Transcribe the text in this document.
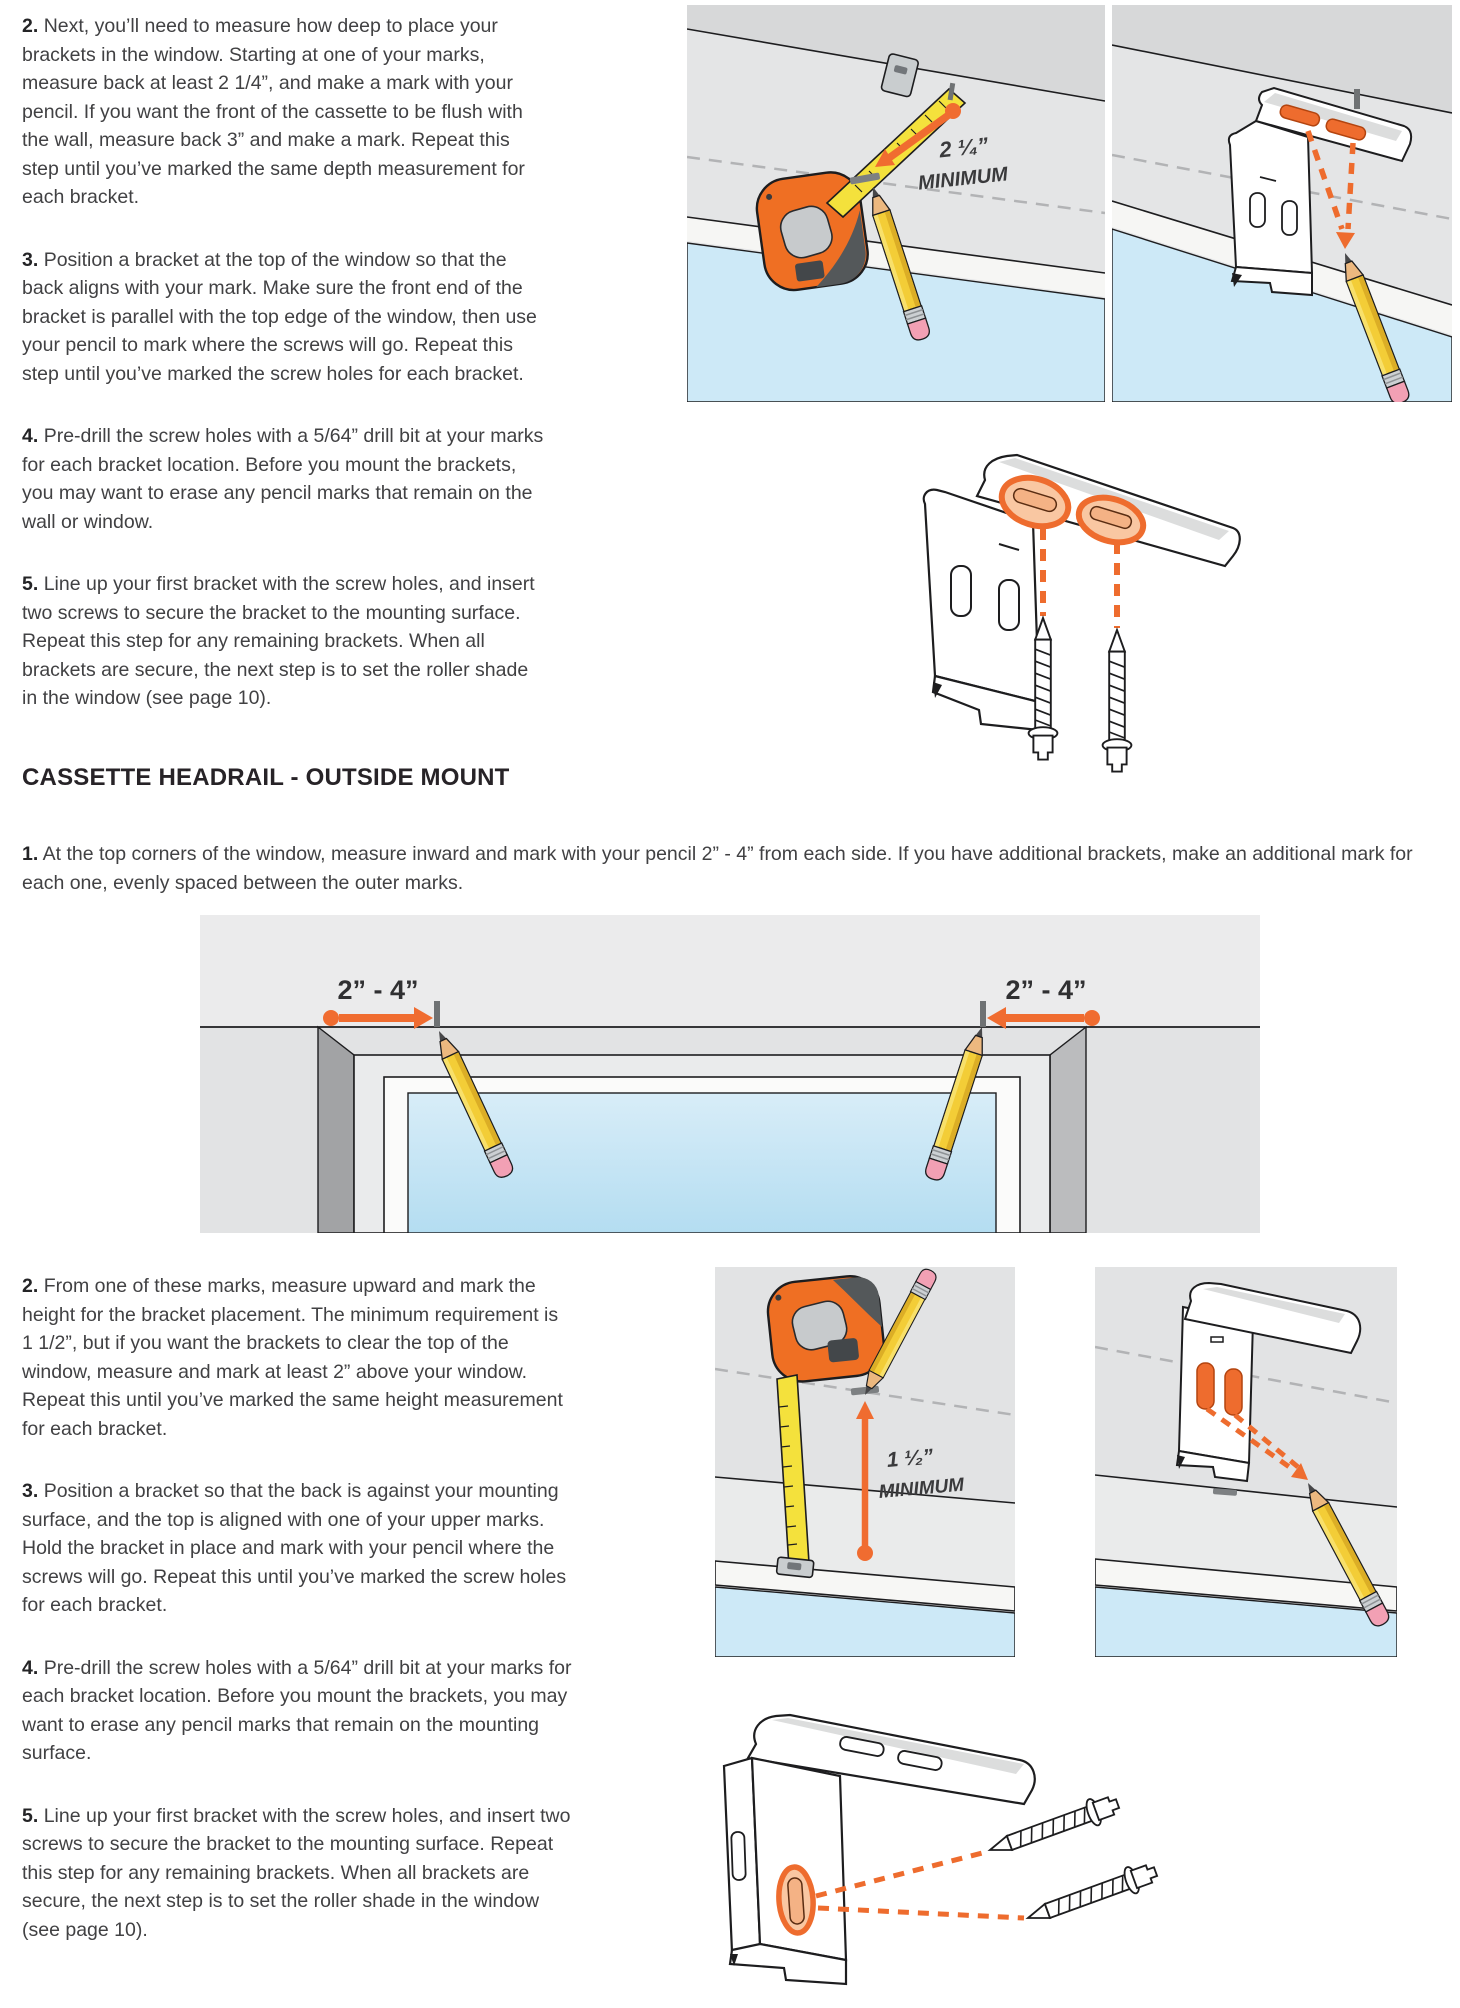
2. Next, you’ll need to measure how deep to place your brackets in the window. Starting at one of your marks, measure back at least 2 1/4”, and make a mark with your pencil. If you want the front of the cassette to be flush with the wall, measure back 3” and make a mark. Repeat this step until you’ve marked the same depth measurement for each bracket.

3. Position a bracket at the top of the window so that the back aligns with your mark. Make sure the front end of the bracket is parallel with the top edge of the window, then use your pencil to mark where the screws will go. Repeat this step until you’ve marked the screw holes for each bracket.

4. Pre-drill the screw holes with a 5/64” drill bit at your marks for each bracket location. Before you mount the brackets, you may want to erase any pencil marks that remain on the wall or window.

5. Line up your first bracket with the screw holes, and insert two screws to secure the bracket to the mounting surface. Repeat this step for any remaining brackets. When all brackets are secure, the next step is to set the roller shade in the window (see page 10).

2 ¹⁄₄”
MINIMUM
CASSETTE HEADRAIL - OUTSIDE MOUNT

1. At the top corners of the window, measure inward and mark with your pencil 2” - 4” from each side. If you have additional brackets, make an additional mark for each one, evenly spaced between the outer marks.

2” - 4”	2” - 4”

2. From one of these marks, measure upward and mark the height for the bracket placement. The minimum requirement is 1 1/2”, but if you want the brackets to clear the top of the window, measure and mark at least 2” above your window. Repeat this until you’ve marked the same height measurement for each bracket.

3. Position a bracket so that the back is against your mounting surface, and the top is aligned with one of your upper marks. Hold the bracket in place and mark with your pencil where the screws will go. Repeat this until you’ve marked the screw holes for each bracket.

4. Pre-drill the screw holes with a 5/64” drill bit at your marks for each bracket location. Before you mount the brackets, you may want to erase any pencil marks that remain on the mounting surface.

5. Line up your first bracket with the screw holes, and insert two screws to secure the bracket to the mounting surface. Repeat this step for any remaining brackets. When all brackets are secure, the next step is to set the roller shade in the window (see page 10).

1 ¹⁄₂”
MINIMUM
